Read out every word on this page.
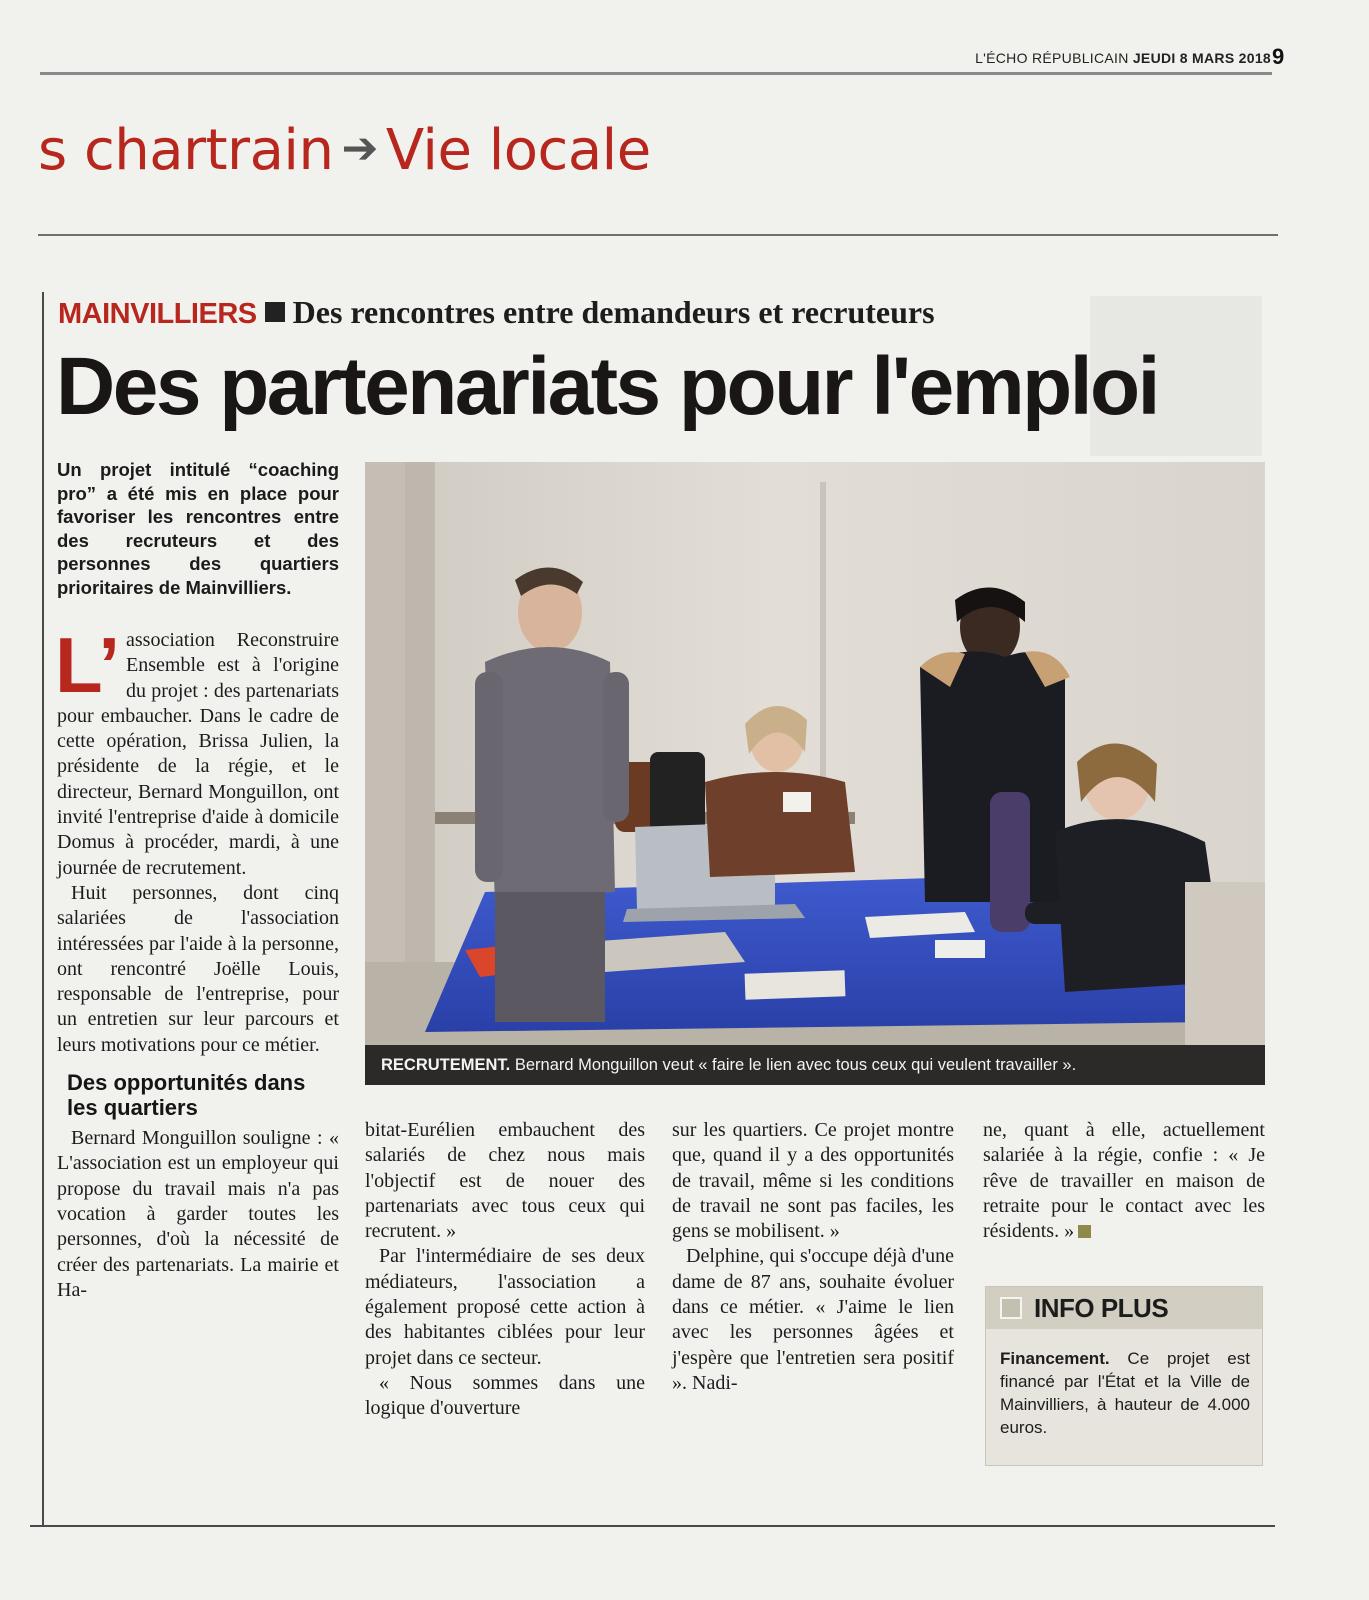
L'ÉCHO RÉPUBLICAIN JEUDI 8 MARS 2018 9
s chartrain ➔ Vie locale
MAINVILLIERS Des rencontres entre demandeurs et recruteurs
Des partenariats pour l'emploi
Un projet intitulé “coaching pro” a été mis en place pour favoriser les rencontres entre des recruteurs et des personnes des quartiers prioritaires de Mainvilliers.

L’ association Reconstruire Ensemble est à l'origine du projet : des partenariats pour embaucher. Dans le cadre de cette opération, Brissa Julien, la présidente de la régie, et le directeur, Bernard Monguillon, ont invité l'entreprise d'aide à domicile Domus à procéder, mardi, à une journée de recrutement.

Huit personnes, dont cinq salariées de l'association intéressées par l'aide à la personne, ont rencontré Joëlle Louis, responsable de l'entreprise, pour un entretien sur leur parcours et leurs motivations pour ce métier.

Des opportunités dans les quartiers

Bernard Monguillon souligne : « L'association est un employeur qui propose du travail mais n'a pas vocation à garder toutes les personnes, d'où la nécessité de créer des partenariats. La mairie et Ha-

RECRUTEMENT. Bernard Monguillon veut « faire le lien avec tous ceux qui veulent travailler ».

bitat-Eurélien embauchent des salariés de chez nous mais l'objectif est de nouer des partenariats avec tous ceux qui recrutent. »

Par l'intermédiaire de ses deux médiateurs, l'association a également proposé cette action à des habitantes ciblées pour leur projet dans ce secteur.

« Nous sommes dans une logique d'ouverture

sur les quartiers. Ce projet montre que, quand il y a des opportunités de travail, même si les conditions de travail ne sont pas faciles, les gens se mobilisent. »

Delphine, qui s'occupe déjà d'une dame de 87 ans, souhaite évoluer dans ce métier. « J'aime le lien avec les personnes âgées et j'espère que l'entretien sera positif ». Nadi-

ne, quant à elle, actuellement salariée à la régie, confie : « Je rêve de travailler en maison de retraite pour le contact avec les résidents. »

INFO PLUS
Financement. Ce projet est financé par l'État et la Ville de Mainvilliers, à hauteur de 4.000 euros.
